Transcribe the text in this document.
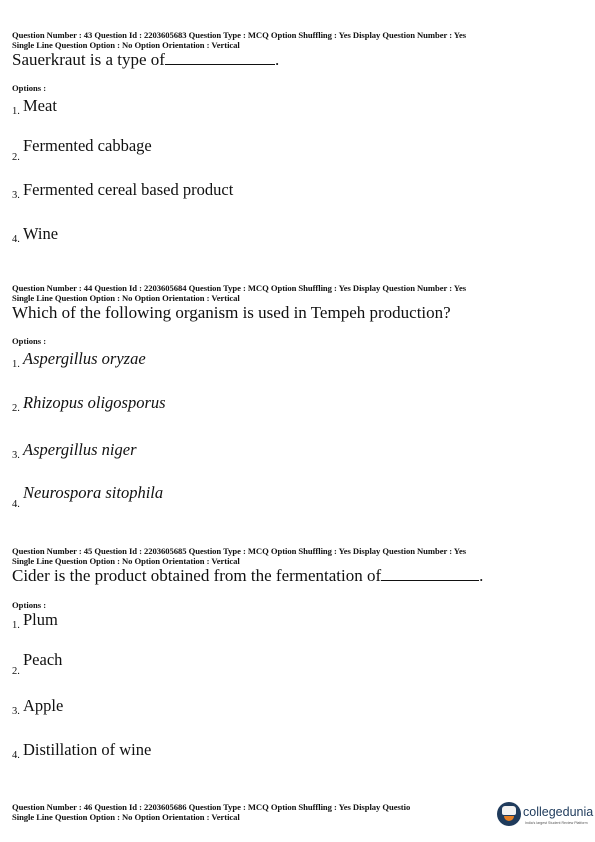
Question Number : 43 Question Id : 2203605683 Question Type : MCQ Option Shuffling : Yes Display Question Number : Yes
Single Line Question Option : No Option Orientation : Vertical
Sauerkraut is a type of	.
Options :
1. Meat
2.
Fermented cabbage
3. Fermented cereal based product
4. Wine
Question Number : 44 Question Id : 2203605684 Question Type : MCQ Option Shuffling : Yes Display Question Number : Yes
Single Line Question Option : No Option Orientation : Vertical
Which of the following organism is used in Tempeh production?
Options :
1. Aspergillus oryzae
2. Rhizopus oligosporus
3. Aspergillus niger
4.
Neurospora sitophila
Question Number : 45 Question Id : 2203605685 Question Type : MCQ Option Shuffling : Yes Display Question Number : Yes
Single Line Question Option : No Option Orientation : Vertical
Cider is the product obtained from the fermentation of	.
Options :
1. Plum
2.
Peach
3. Apple
4. Distillation of wine
Question Number : 46 Question Id : 2203605686 Question Type : MCQ Option Shuffling : Yes Display Questio
Single Line Question Option : No Option Orientation : Vertical	collegedunia
India's largest Student Review Platform
